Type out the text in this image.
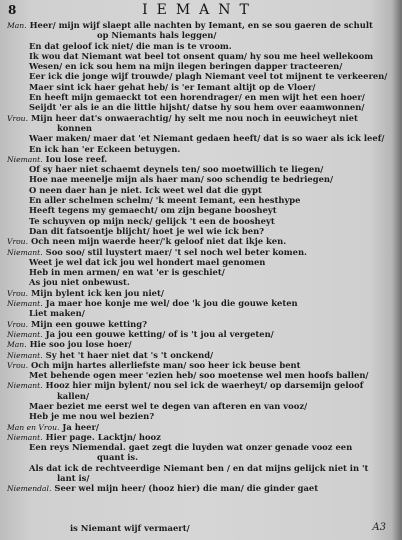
8	IEMANT
Man. Heer/ mijn wijf slaept alle nachten by Iemant, en se sou gaeren de schult
op Niemants hals leggen/
En dat geloof ick niet/ die man is te vroom.
Ik wou dat Niemant wat beel tot onsent quam/ hy sou me heel wellekoom
Wesen/ en ick sou hem na mijn ilegen beringen dapper tracteeren/
Eer ick die jonge wijf trouwde/ plagh Niemant veel tot mijnent te verkeeren/
Maer sint ick haer gehat heb/ is 'er Iemant altijt op de Vloer/
En heeft mijn gemaeckt tot een horendrager/ en men wijt het een hoer/
Seijdt 'er als ie an die little hijsht/ datse hy sou hem over eaamwonnen/
Vrou. Mijn heer dat's onwaerachtig/ hy selt me nou noch in eeuwicheyt niet
konnen
Waer maken/ maer dat 'et Niemant gedaen heeft/ dat is so waer als ick leef/
En ick han 'er Eckeen betuygen.
Niemant. Iou lose reef.
Of sy haer niet schaemt deynels ten/ soo moetwillich te liegen/
Hoe nae meenelje mijn als haer man/ soo schendig te bedriegen/
O neen daer han je niet. Ick weet wel dat die gypt
En aller schelmen schelm/ 'k meent Iemant, een hesthype
Heeft tegens my gemaecht/ om zijn begane boosheyt
Te schuyven op mijn neck/ gelijck 't een de boosheyt
Dan dit fatsoentje blijcht/ hoet je wel wie ick ben?
Vrou. Och neen mijn waerde heer/'k geloof niet dat ikje ken.
Niemant. Soo soo/ stil luystert maer/ 't sel noch wel beter komen.
Weet je wel dat ick jou wel hondert mael genomen
Heb in men armen/ en wat 'er is geschiet/
As jou niet onbewust.
Vrou. Mijn bylent ick ken jou niet/
Niemant. Ja maer hoe konje me wel/ doe 'k jou die gouwe keten
Liet maken/
Vrou. Mijn een gouwe ketting?
Niemant. Ja jou een gouwe ketting/ of is 't jou al vergeten/
Man. Hie soo jou lose hoer/
Niemant. Sy het 't haer niet dat 's 't onckend/
Vrou. Och mijn hartes allerliefste man/ soo heer ick beuse bent
Met behende ogen meer 'ezien heb/ soo moetense wel men hoofs ballen/
Niemant. Hooz hier mijn bylent/ nou sel ick de waerheyt/ op darsemijn geloof
kallen/
Maer beziet me eerst wel te degen van afteren en van vooz/
Heb je me nou wel bezien?
Man en Vrou. Ja heer/
Niemant. Hier page. Lacktjn/ hooz
Een reys Niemendal. gaet zegt die luyden wat onzer genade vooz een
quant is.
Als dat ick de rechtveerdige Niemant ben / en dat mijns gelijck niet in 't
lant is/
Niemendal. Seer wel mijn heer/ (hooz hier) die man/ die ginder gaet
is Niemant wijf vermaert/	A3
